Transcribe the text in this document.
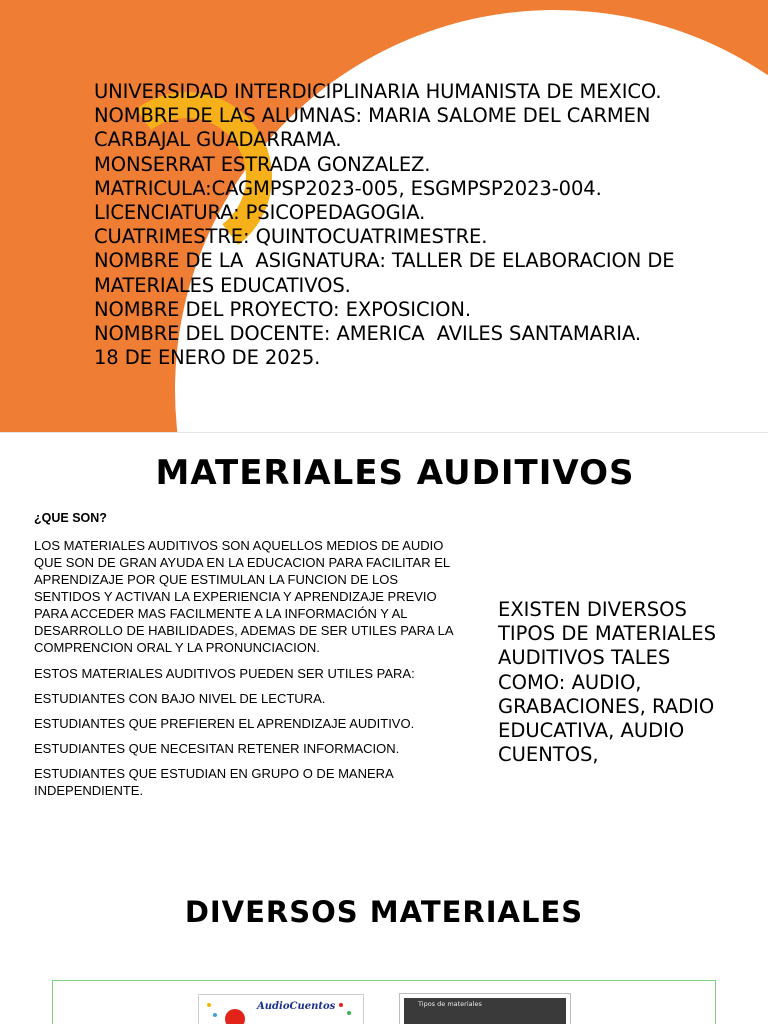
UNIVERSIDAD INTERDICIPLINARIA HUMANISTA DE MEXICO.
NOMBRE DE LAS ALUMNAS: MARIA SALOME DEL CARMEN
CARBAJAL GUADARRAMA.
MONSERRAT ESTRADA GONZALEZ.
MATRICULA:CAGMPSP2023-005, ESGMPSP2023-004.
LICENCIATURA: PSICOPEDAGOGIA.
CUATRIMESTRE: QUINTOCUATRIMESTRE.
NOMBRE DE LA  ASIGNATURA: TALLER DE ELABORACION DE
MATERIALES EDUCATIVOS.
NOMBRE DEL PROYECTO: EXPOSICION.
NOMBRE DEL DOCENTE: AMERICA  AVILES SANTAMARIA.
18 DE ENERO DE 2025.
MATERIALES AUDITIVOS
¿QUE SON?

LOS MATERIALES AUDITIVOS SON AQUELLOS MEDIOS DE AUDIO QUE SON DE GRAN AYUDA EN LA EDUCACION PARA FACILITAR EL APRENDIZAJE POR QUE ESTIMULAN LA FUNCION DE LOS SENTIDOS Y ACTIVAN LA EXPERIENCIA Y APRENDIZAJE PREVIO PARA ACCEDER MAS FACILMENTE A LA INFORMACIÓN Y AL DESARROLLO DE HABILIDADES, ADEMAS DE SER UTILES PARA LA COMPRENCION ORAL Y LA PRONUNCIACION.

ESTOS MATERIALES AUDITIVOS PUEDEN SER UTILES PARA:

ESTUDIANTES CON BAJO NIVEL DE LECTURA.

ESTUDIANTES QUE PREFIEREN EL APRENDIZAJE AUDITIVO.

ESTUDIANTES QUE NECESITAN RETENER INFORMACION.

ESTUDIANTES QUE ESTUDIAN EN GRUPO O DE MANERA INDEPENDIENTE.

EXISTEN DIVERSOS TIPOS DE MATERIALES AUDITIVOS TALES COMO: AUDIO, GRABACIONES, RADIO EDUCATIVA, AUDIO CUENTOS,
DIVERSOS MATERIALES
AudioCuentos	Tipos de materiales
